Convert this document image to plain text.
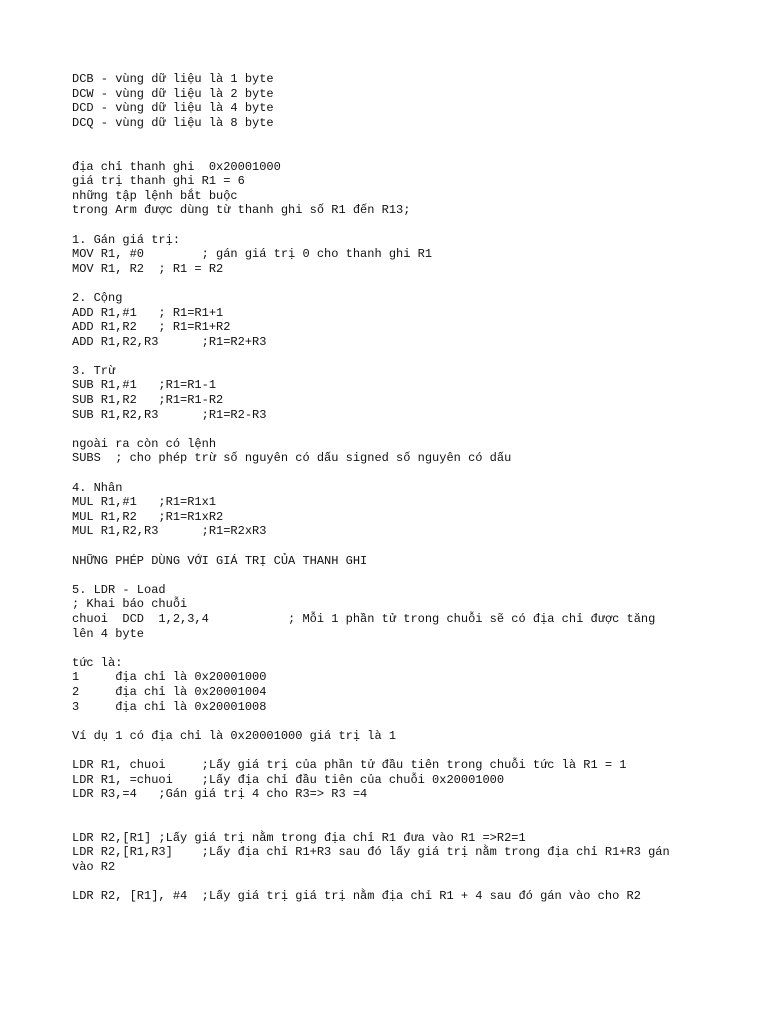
DCB - vùng dữ liệu là 1 byte
DCW - vùng dữ liệu là 2 byte
DCD - vùng dữ liệu là 4 byte
DCQ - vùng dữ liệu là 8 byte
địa chỉ thanh ghi  0x20001000
giá trị thanh ghi R1 = 6
những tập lệnh bắt buộc
trong Arm được dùng từ thanh ghi số R1 đến R13;
1. Gán giá trị:
MOV R1, #0        ; gán giá trị 0 cho thanh ghi R1
MOV R1, R2  ; R1 = R2
2. Cộng
ADD R1,#1   ; R1=R1+1
ADD R1,R2   ; R1=R1+R2
ADD R1,R2,R3      ;R1=R2+R3
3. Trừ
SUB R1,#1   ;R1=R1-1
SUB R1,R2   ;R1=R1-R2
SUB R1,R2,R3      ;R1=R2-R3
ngoài ra còn có lệnh
SUBS  ; cho phép trừ số nguyên có dấu signed số nguyên có dấu
4. Nhân
MUL R1,#1   ;R1=R1x1
MUL R1,R2   ;R1=R1xR2
MUL R1,R2,R3      ;R1=R2xR3
NHỮNG PHÉP DÙNG VỚI GIÁ TRỊ CỦA THANH GHI
5. LDR - Load
; Khai báo chuỗi
chuoi  DCD  1,2,3,4           ; Mỗi 1 phần tử trong chuỗi sẽ có địa chỉ được tăng
lên 4 byte
tức là:
1     địa chỉ là 0x20001000
2     địa chỉ là 0x20001004
3     địa chỉ là 0x20001008
Ví dụ 1 có địa chỉ là 0x20001000 giá trị là 1
LDR R1, chuoi     ;Lấy giá trị của phần tử đầu tiên trong chuỗi tức là R1 = 1
LDR R1, =chuoi    ;Lấy địa chỉ đầu tiên của chuỗi 0x20001000
LDR R3,=4   ;Gán giá trị 4 cho R3=> R3 =4
LDR R2,[R1] ;Lấy giá trị nằm trong địa chỉ R1 đưa vào R1 =>R2=1
LDR R2,[R1,R3]    ;Lấy địa chỉ R1+R3 sau đó lấy giá trị nằm trong địa chỉ R1+R3 gán
vào R2
LDR R2, [R1], #4  ;Lấy giá trị giá trị nằm địa chỉ R1 + 4 sau đó gán vào cho R2
